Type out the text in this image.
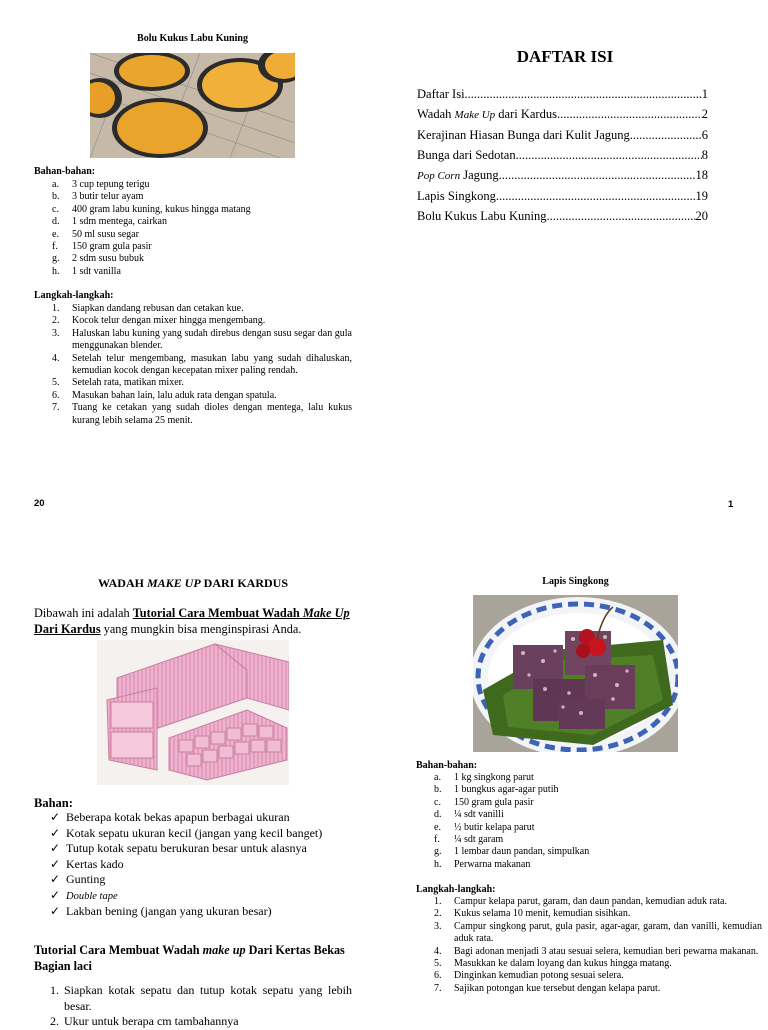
Bolu Kukus Labu Kuning
Bahan-bahan:
a. 3 cup tepung terigu
b. 3 butir telur ayam
c. 400 gram labu kuning, kukus hingga matang
d. 1 sdm mentega, cairkan
e. 50 ml susu segar
f. 150 gram gula pasir
g. 2 sdm susu bubuk
h. 1 sdt vanilla
Langkah-langkah:
1. Siapkan dandang rebusan dan cetakan kue.
2. Kocok telur dengan mixer hingga mengembang.
3. Haluskan labu kuning yang sudah direbus dengan susu segar dan gula menggunakan blender.
4. Setelah telur mengembang, masukan labu yang sudah dihaluskan, kemudian kocok dengan kecepatan mixer paling rendah.
5. Setelah rata, matikan mixer.
6. Masukan bahan lain, lalu aduk rata dengan spatula.
7. Tuang ke cetakan yang sudah dioles dengan mentega, lalu kukus kurang lebih selama 25 menit.
20
DAFTAR ISI
Daftar Isi .....	1
Wadah Make Up dari Kardus .....	2
Kerajinan Hiasan Bunga dari Kulit Jagung .....	6
Bunga dari Sedotan .....	8
Pop Corn Jagung .....	18
Lapis Singkong .....	19
Bolu Kukus Labu Kuning .....	20
1
WADAH MAKE UP DARI KARDUS
Dibawah ini adalah Tutorial Cara Membuat Wadah Make Up
Dari Kardus yang mungkin bisa menginspirasi Anda.
Bahan:
✓ Beberapa kotak bekas apapun berbagai ukuran
✓ Kotak sepatu ukuran kecil (jangan yang kecil banget)
✓ Tutup kotak sepatu berukuran besar untuk alasnya
✓ Kertas kado
✓ Gunting
✓ Double tape
✓ Lakban bening (jangan yang ukuran besar)
Tutorial Cara Membuat Wadah make up Dari Kertas Bekas Bagian laci
1. Siapkan kotak sepatu dan tutup kotak sepatu yang lebih besar.
2. Ukur untuk berapa cm tambahannya
Lapis Singkong
Bahan-bahan:
a. 1 kg singkong parut
b. 1 bungkus agar-agar putih
c. 150 gram gula pasir
d. ¼ sdt vanilli
e. ½ butir kelapa parut
f. ¼ sdt garam
g. 1 lembar daun pandan, simpulkan
h. Perwarna makanan
Langkah-langkah:
1. Campur kelapa parut, garam, dan daun pandan, kemudian aduk rata.
2. Kukus selama 10 menit, kemudian sisihkan.
3. Campur singkong parut, gula pasir, agar-agar, garam, dan vanilli, kemudian aduk rata.
4. Bagi adonan menjadi 3 atau sesuai selera, kemudian beri pewarna makanan.
5. Masukkan ke dalam loyang dan kukus hingga matang.
6. Dinginkan kemudian potong sesuai selera.
7. Sajikan potongan kue tersebut dengan kelapa parut.
